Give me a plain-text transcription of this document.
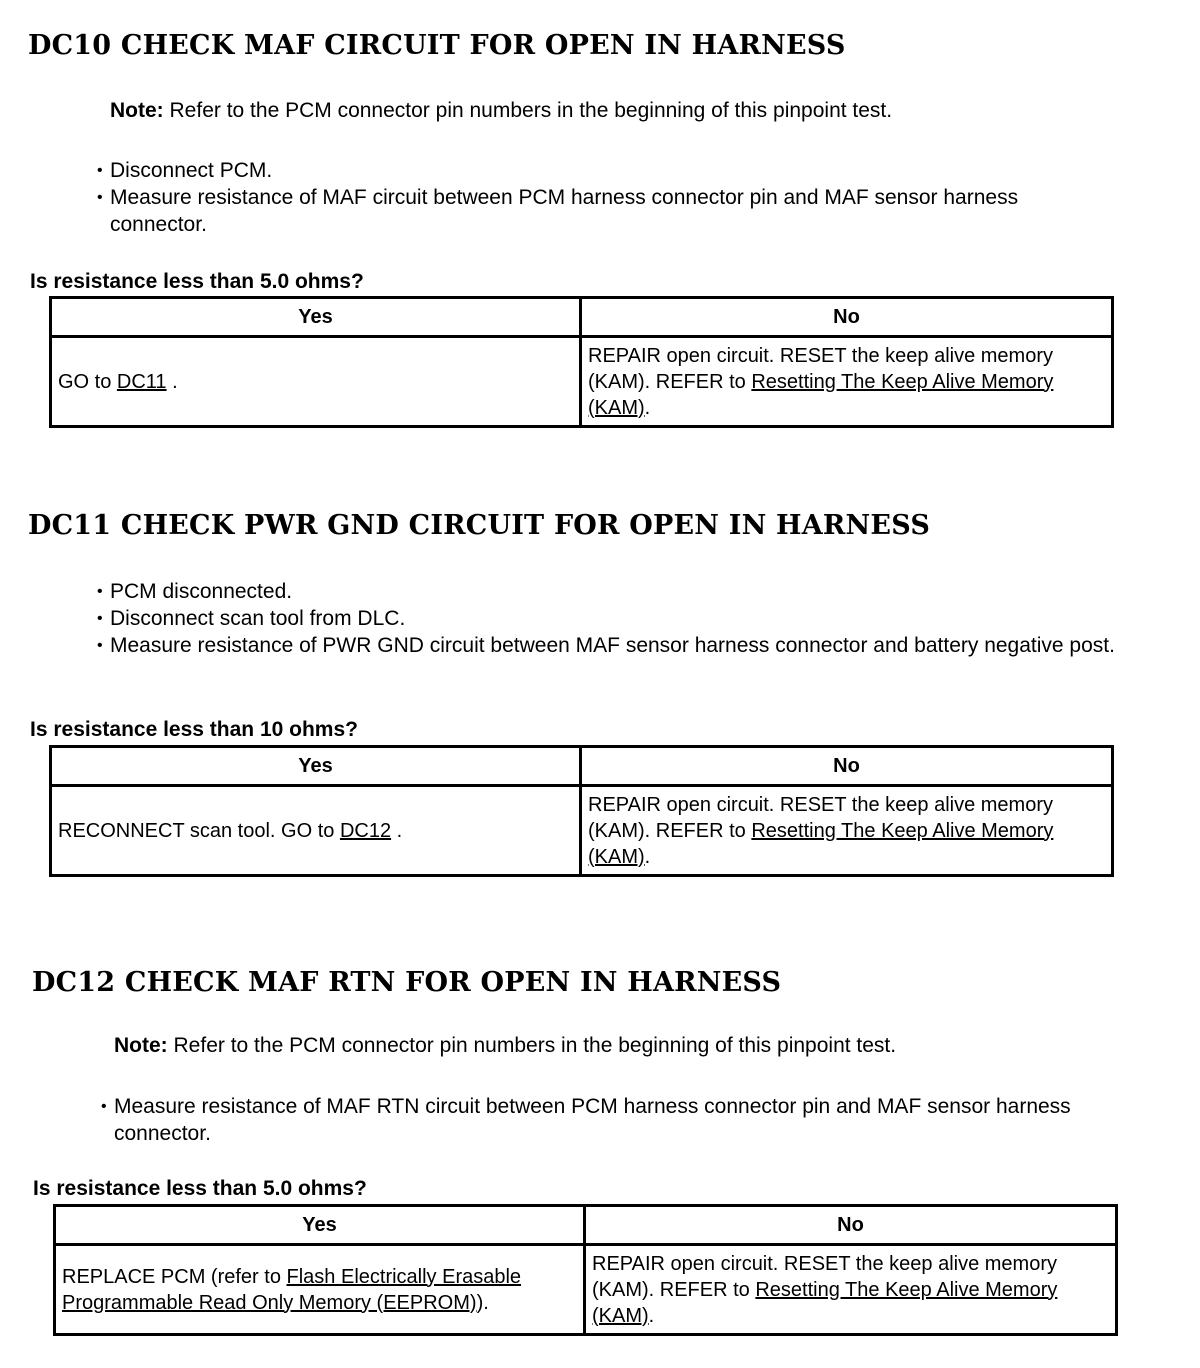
DC10 CHECK MAF CIRCUIT FOR OPEN IN HARNESS

Note: Refer to the PCM connector pin numbers in the beginning of this pinpoint test.

• Disconnect PCM.
• Measure resistance of MAF circuit between PCM harness connector pin and MAF sensor harness connector.

Is resistance less than 5.0 ohms?

Yes	No
GO to DC11 .	REPAIR open circuit. RESET the keep alive memory (KAM). REFER to Resetting The Keep Alive Memory (KAM).
DC11 CHECK PWR GND CIRCUIT FOR OPEN IN HARNESS
• PCM disconnected.
• Disconnect scan tool from DLC.
• Measure resistance of PWR GND circuit between MAF sensor harness connector and battery negative post.

Is resistance less than 10 ohms?

Yes	No
RECONNECT scan tool. GO to DC12 .	REPAIR open circuit. RESET the keep alive memory (KAM). REFER to Resetting The Keep Alive Memory (KAM).
DC12 CHECK MAF RTN FOR OPEN IN HARNESS

Note: Refer to the PCM connector pin numbers in the beginning of this pinpoint test.

• Measure resistance of MAF RTN circuit between PCM harness connector pin and MAF sensor harness connector.

Is resistance less than 5.0 ohms?

Yes	No
REPLACE PCM (refer to Flash Electrically Erasable Programmable Read Only Memory (EEPROM)).	REPAIR open circuit. RESET the keep alive memory (KAM). REFER to Resetting The Keep Alive Memory (KAM).
